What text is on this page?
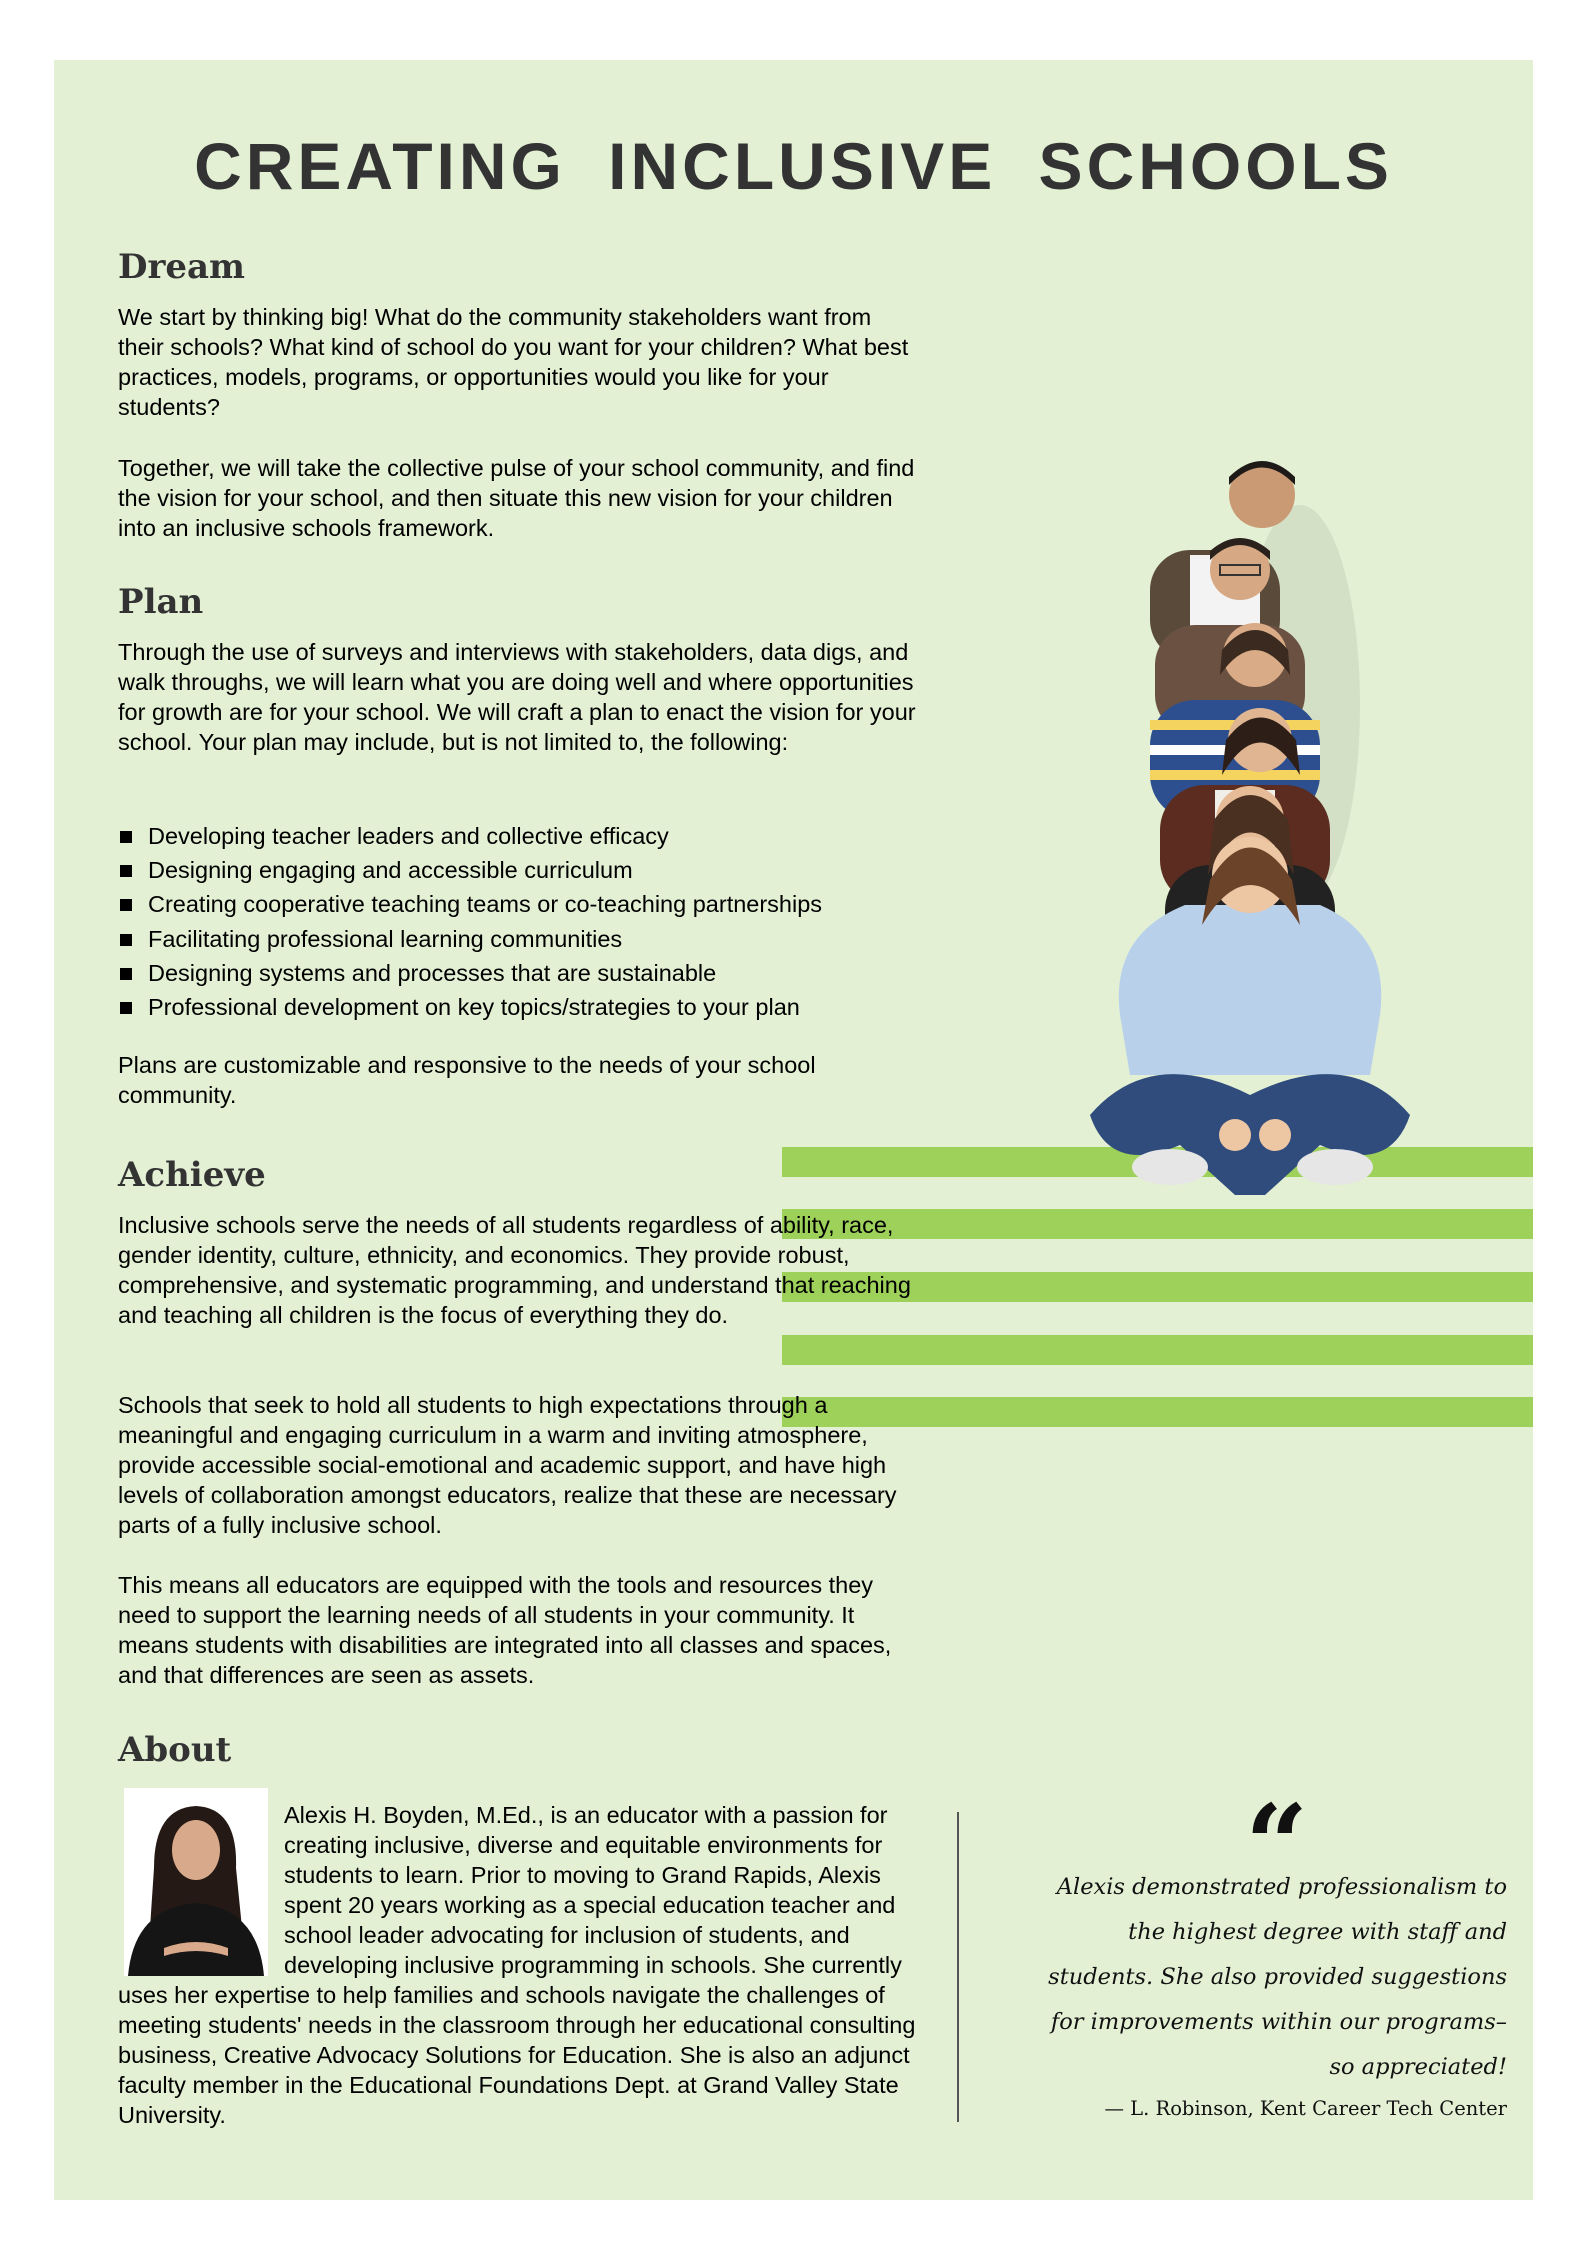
CREATING INCLUSIVE SCHOOLS
Dream

We start by thinking big! What do the community stakeholders want from their schools? What kind of school do you want for your children? What best practices, models, programs, or opportunities would you like for your students?

Together, we will take the collective pulse of your school community, and find the vision for your school, and then situate this new vision for your children into an inclusive schools framework.

Plan

Through the use of surveys and interviews with stakeholders, data digs, and walk throughs, we will learn what you are doing well and where opportunities for growth are for your school. We will craft a plan to enact the vision for your school. Your plan may include, but is not limited to, the following:

Developing teacher leaders and collective efficacy
Designing engaging and accessible curriculum
Creating cooperative teaching teams or co-teaching partnerships
Facilitating professional learning communities
Designing systems and processes that are sustainable
Professional development on key topics/strategies to your plan

Plans are customizable and responsive to the needs of your school community.

Achieve

Inclusive schools serve the needs of all students regardless of ability, race, gender identity, culture, ethnicity, and economics. They provide robust, comprehensive, and systematic programming, and understand that reaching and teaching all children is the focus of everything they do.

Schools that seek to hold all students to high expectations through a meaningful and engaging curriculum in a warm and inviting atmosphere, provide accessible social-emotional and academic support, and have high levels of collaboration amongst educators, realize that these are necessary parts of a fully inclusive school.

This means all educators are equipped with the tools and resources they need to support the learning needs of all students in your community. It means students with disabilities are integrated into all classes and spaces, and that differences are seen as assets.

About
Alexis H. Boyden, M.Ed., is an educator with a passion for creating inclusive, diverse and equitable environments for students to learn. Prior to moving to Grand Rapids, Alexis spent 20 years working as a special education teacher and school leader advocating for inclusion of students, and developing inclusive programming in schools. She currently uses her expertise to help families and schools navigate the challenges of meeting students' needs in the classroom through her educational consulting business, Creative Advocacy Solutions for Education. She is also an adjunct faculty member in the Educational Foundations Dept. at Grand Valley State University.
“

Alexis demonstrated professionalism to the highest degree with staff and students. She also provided suggestions for improvements within our programs–so appreciated!

— L. Robinson, Kent Career Tech Center
